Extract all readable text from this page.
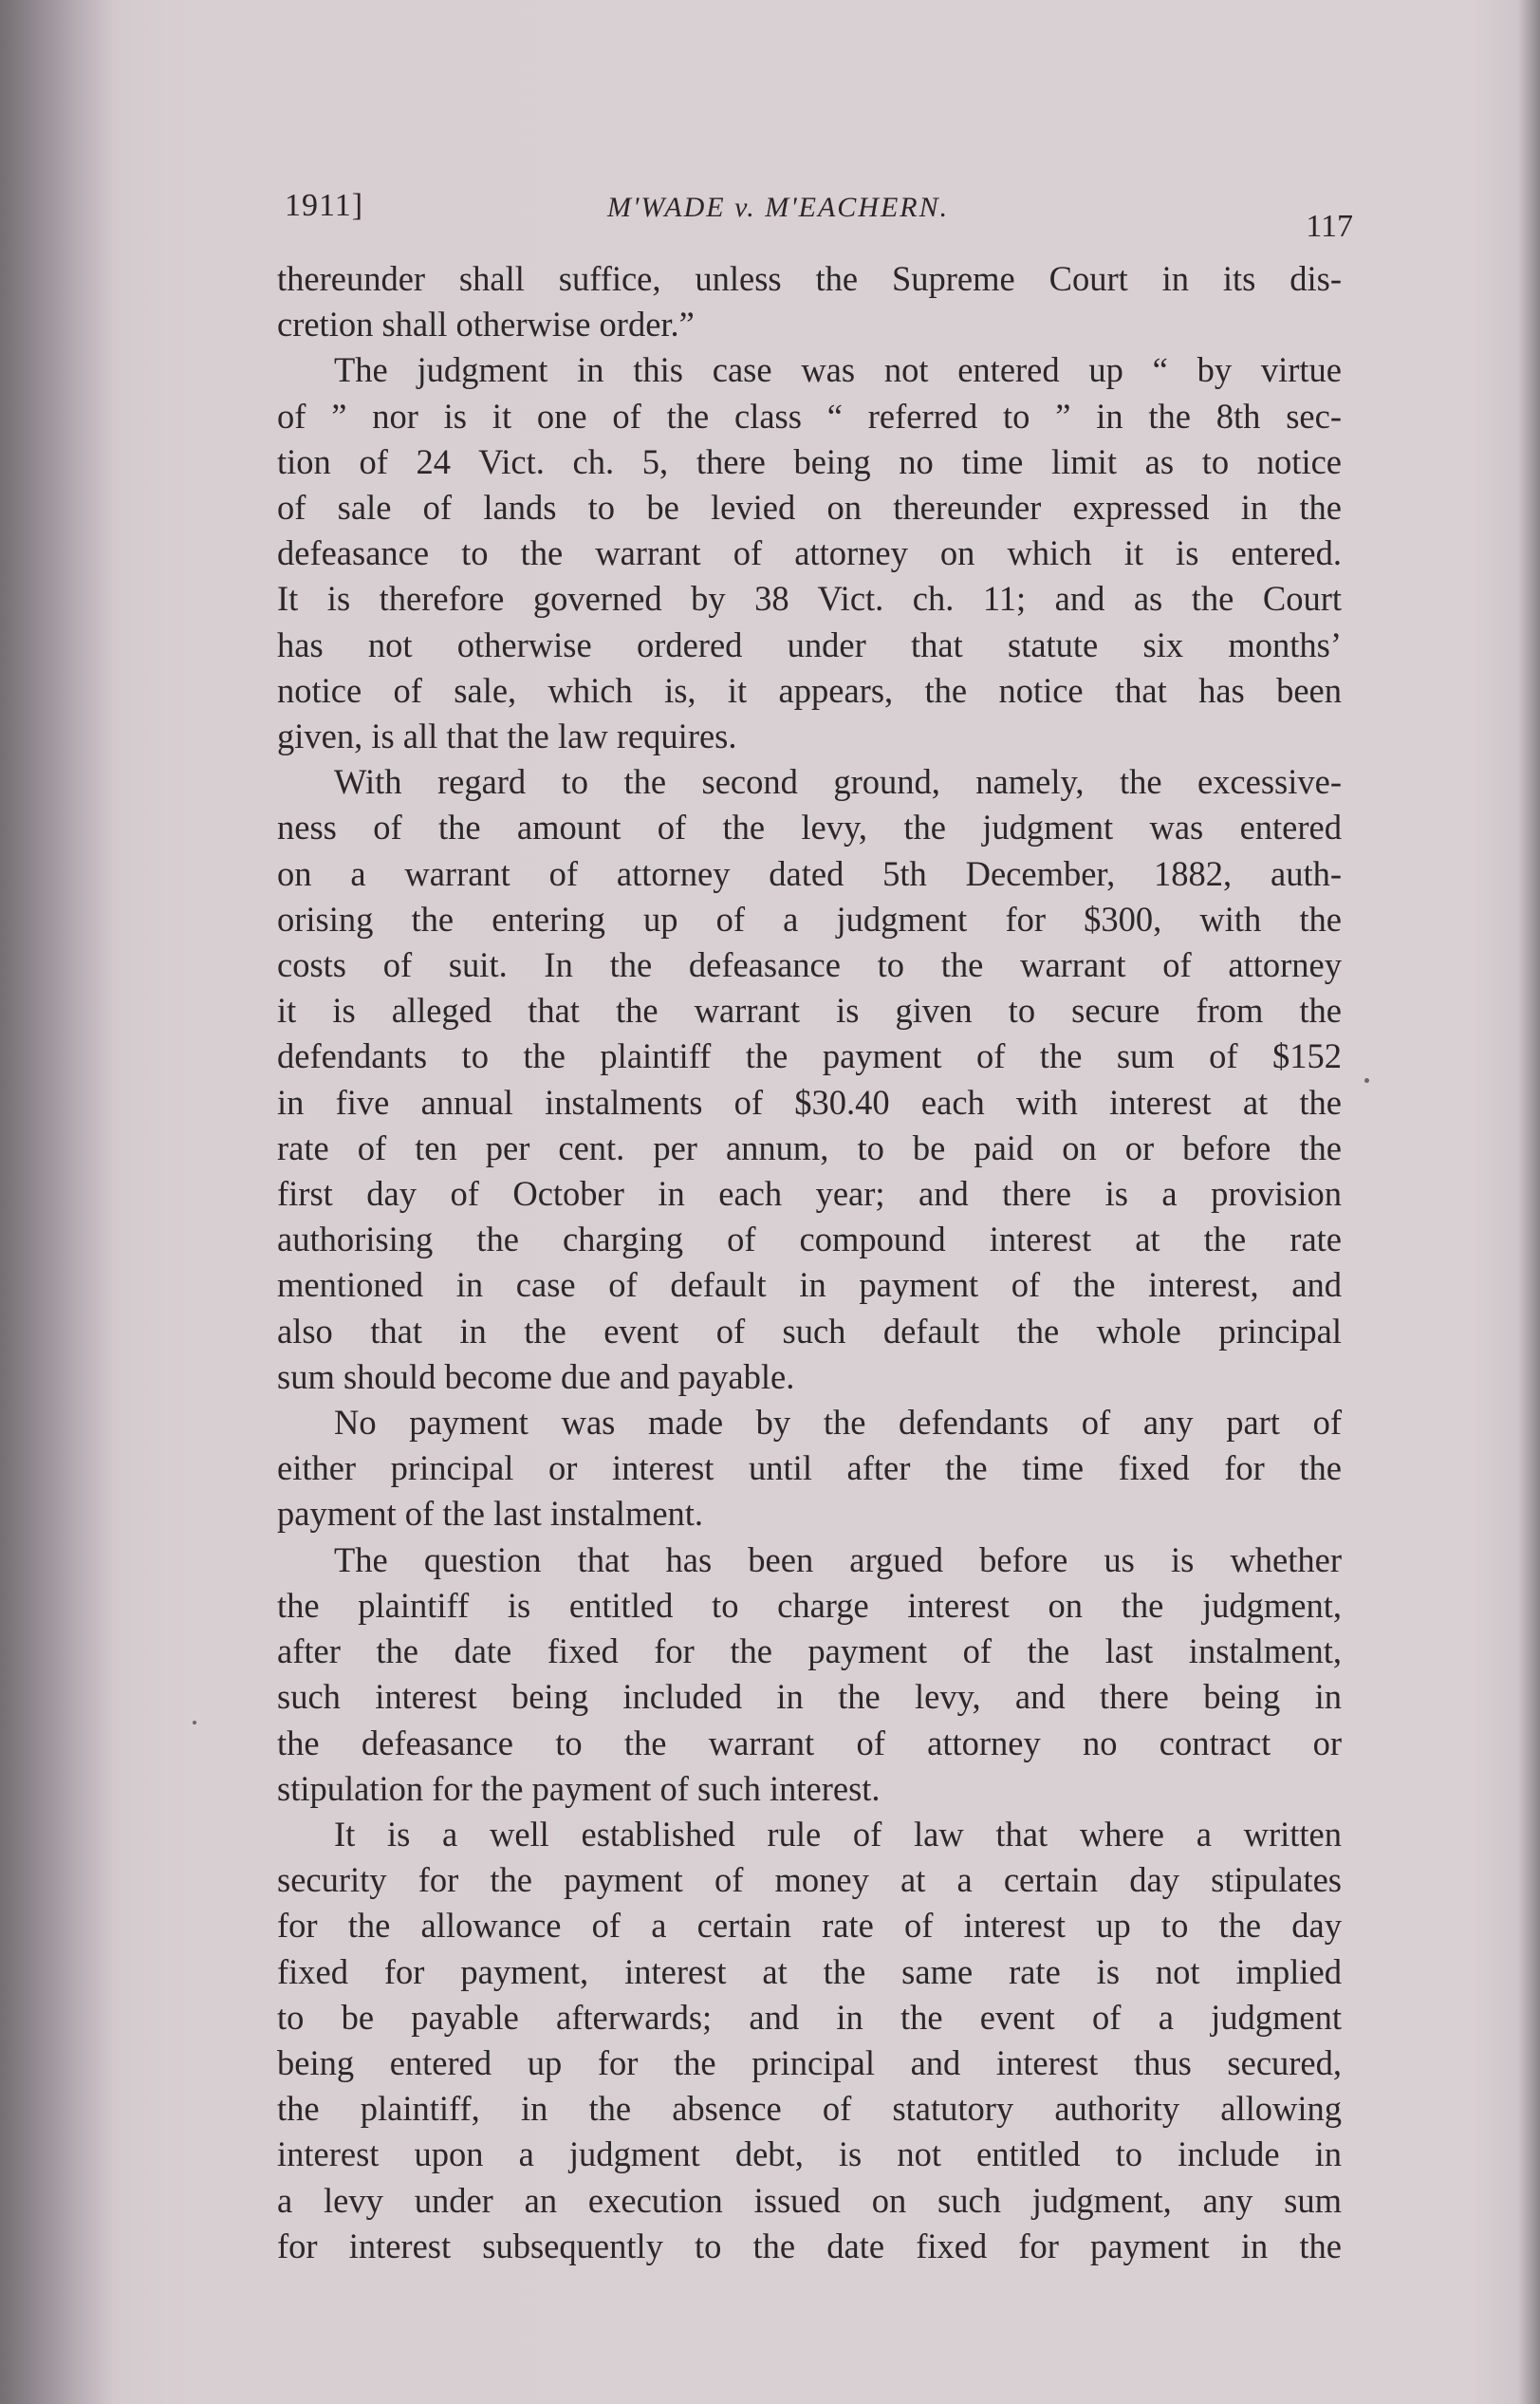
1911]	M'WADE v. M'EACHERN.
117

thereunder shall suffice, unless the Supreme Court in its dis-
cretion shall otherwise order.”

The judgment in this case was not entered up “ by virtue
of ” nor is it one of the class “ referred to ” in the 8th sec-
tion of 24 Vict. ch. 5, there being no time limit as to notice
of sale of lands to be levied on thereunder expressed in the
defeasance to the warrant of attorney on which it is entered.
It is therefore governed by 38 Vict. ch. 11; and as the Court
has not otherwise ordered under that statute six months’
notice of sale, which is, it appears, the notice that has been
given, is all that the law requires.

With regard to the second ground, namely, the excessive-
ness of the amount of the levy, the judgment was entered
on a warrant of attorney dated 5th December, 1882, auth-
orising the entering up of a judgment for $300, with the
costs of suit. In the defeasance to the warrant of attorney
it is alleged that the warrant is given to secure from the
defendants to the plaintiff the payment of the sum of $152
in five annual instalments of $30.40 each with interest at the
rate of ten per cent. per annum, to be paid on or before the
first day of October in each year; and there is a provision
authorising the charging of compound interest at the rate
mentioned in case of default in payment of the interest, and
also that in the event of such default the whole principal
sum should become due and payable.

No payment was made by the defendants of any part of
either principal or interest until after the time fixed for the
payment of the last instalment.

The question that has been argued before us is whether
the plaintiff is entitled to charge interest on the judgment,
after the date fixed for the payment of the last instalment,
such interest being included in the levy, and there being in
the defeasance to the warrant of attorney no contract or
stipulation for the payment of such interest.

It is a well established rule of law that where a written
security for the payment of money at a certain day stipulates
for the allowance of a certain rate of interest up to the day
fixed for payment, interest at the same rate is not implied
to be payable afterwards; and in the event of a judgment
being entered up for the principal and interest thus secured,
the plaintiff, in the absence of statutory authority allowing
interest upon a judgment debt, is not entitled to include in
a levy under an execution issued on such judgment, any sum
for interest subsequently to the date fixed for payment in the
